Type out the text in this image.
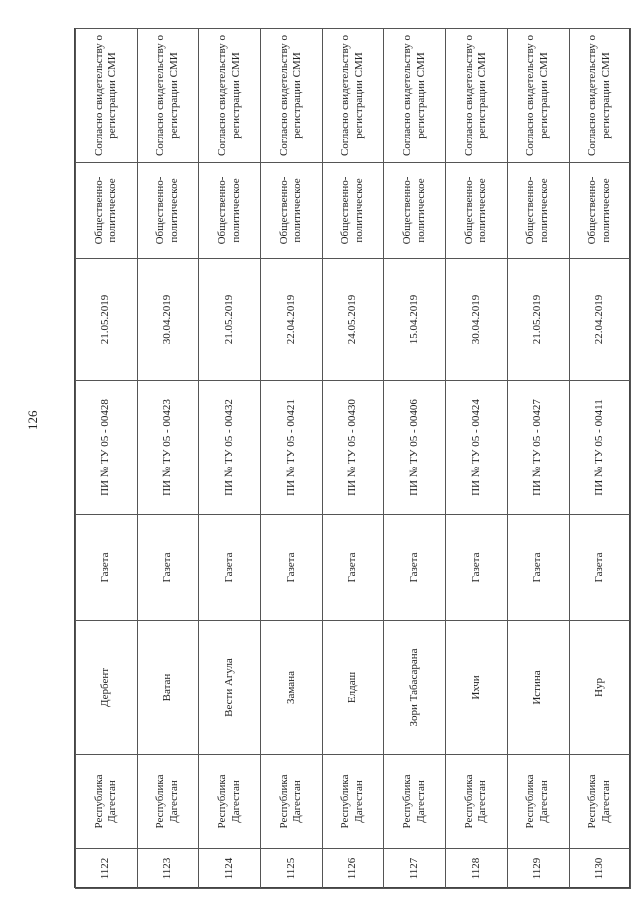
126
1122	Республика Дагестан	Дербент	Газета	ПИ № ТУ 05 - 00428	21.05.2019	Общественно-политическое	Согласно свидетельству о регистрации СМИ
1123	Республика Дагестан	Ватан	Газета	ПИ № ТУ 05 - 00423	30.04.2019	Общественно-политическое	Согласно свидетельству о регистрации СМИ
1124	Республика Дагестан	Вести Агула	Газета	ПИ № ТУ 05 - 00432	21.05.2019	Общественно-политическое	Согласно свидетельству о регистрации СМИ
1125	Республика Дагестан	Замана	Газета	ПИ № ТУ 05 - 00421	22.04.2019	Общественно-политическое	Согласно свидетельству о регистрации СМИ
1126	Республика Дагестан	Елдаш	Газета	ПИ № ТУ 05 - 00430	24.05.2019	Общественно-политическое	Согласно свидетельству о регистрации СМИ
1127	Республика Дагестан	Зори Табасарана	Газета	ПИ № ТУ 05 - 00406	15.04.2019	Общественно-политическое	Согласно свидетельству о регистрации СМИ
1128	Республика Дагестан	Ихчи	Газета	ПИ № ТУ 05 - 00424	30.04.2019	Общественно-политическое	Согласно свидетельству о регистрации СМИ
1129	Республика Дагестан	Истина	Газета	ПИ № ТУ 05 - 00427	21.05.2019	Общественно-политическое	Согласно свидетельству о регистрации СМИ
1130	Республика Дагестан	Нур	Газета	ПИ № ТУ 05 - 00411	22.04.2019	Общественно-политическое	Согласно свидетельству о регистрации СМИ
